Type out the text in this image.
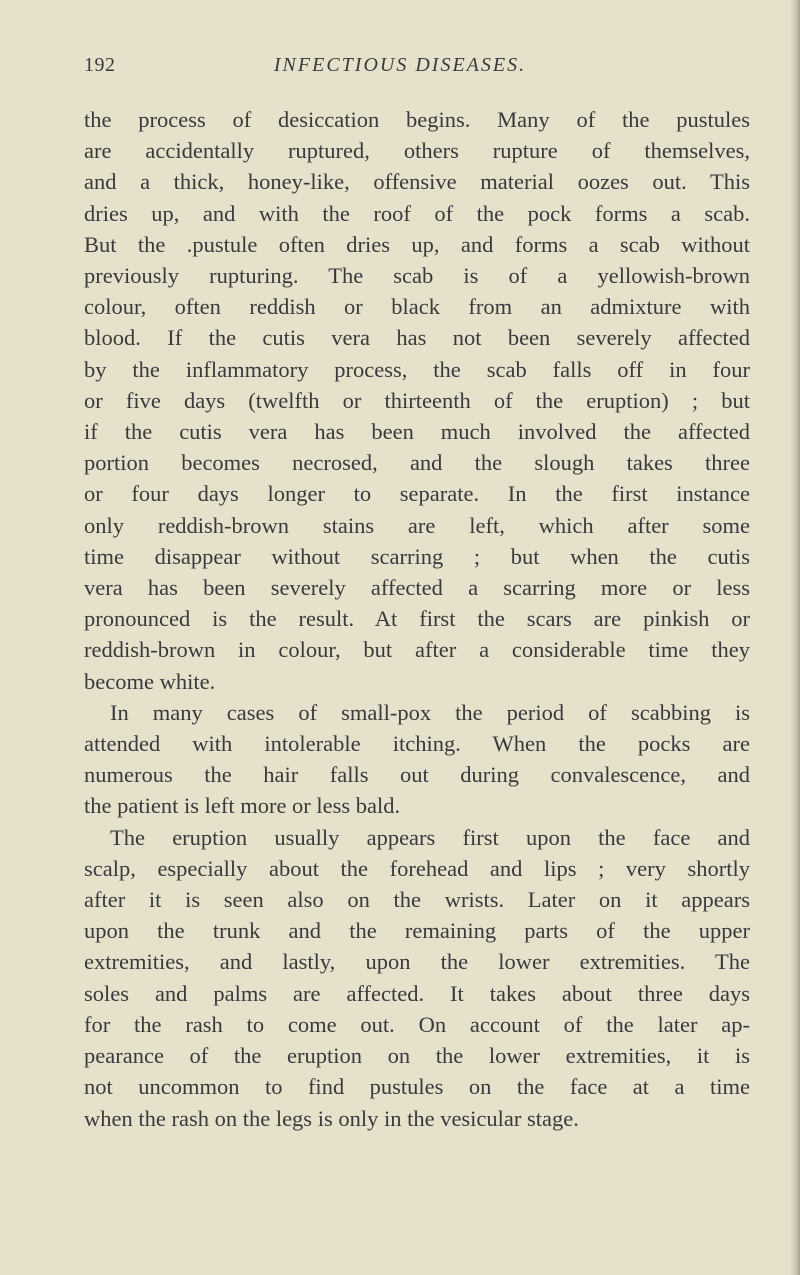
192	INFECTIOUS DISEASES.
the process of desiccation begins. Many of the pustules
are accidentally ruptured, others rupture of themselves,
and a thick, honey-like, offensive material oozes out. This
dries up, and with the roof of the pock forms a scab.
But the .pustule often dries up, and forms a scab without
previously rupturing. The scab is of a yellowish-brown
colour, often reddish or black from an admixture with
blood. If the cutis vera has not been severely affected
by the inflammatory process, the scab falls off in four
or five days (twelfth or thirteenth of the eruption) ; but
if the cutis vera has been much involved the affected
portion becomes necrosed, and the slough takes three
or four days longer to separate. In the first instance
only reddish-brown stains are left, which after some
time disappear without scarring ; but when the cutis
vera has been severely affected a scarring more or less
pronounced is the result. At first the scars are pinkish or
reddish-brown in colour, but after a considerable time they
become white.
In many cases of small-pox the period of scabbing is
attended with intolerable itching. When the pocks are
numerous the hair falls out during convalescence, and
the patient is left more or less bald.
The eruption usually appears first upon the face and
scalp, especially about the forehead and lips ; very shortly
after it is seen also on the wrists. Later on it appears
upon the trunk and the remaining parts of the upper
extremities, and lastly, upon the lower extremities. The
soles and palms are affected. It takes about three days
for the rash to come out. On account of the later ap-
pearance of the eruption on the lower extremities, it is
not uncommon to find pustules on the face at a time
when the rash on the legs is only in the vesicular stage.
